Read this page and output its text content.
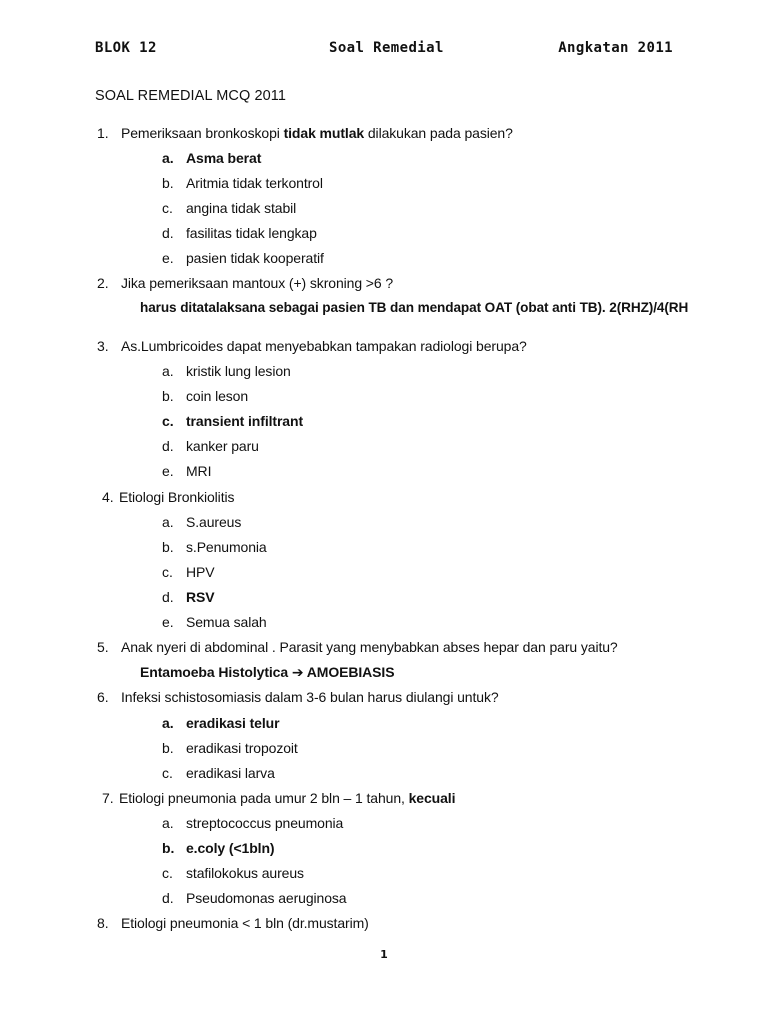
BLOK 12	Soal Remedial	Angkatan 2011
SOAL REMEDIAL MCQ 2011
1. Pemeriksaan bronkoskopi tidak mutlak dilakukan pada pasien?
a. Asma berat
b. Aritmia tidak terkontrol
c. angina tidak stabil
d. fasilitas tidak lengkap
e. pasien tidak kooperatif
2. Jika pemeriksaan mantoux (+) skroning >6 ?
harus ditatalaksana sebagai pasien TB dan mendapat OAT (obat anti TB). 2(RHZ)/4(RH
3. As.Lumbricoides dapat menyebabkan tampakan radiologi berupa?
a. kristik lung lesion
b. coin leson
c. transient infiltrant
d. kanker paru
e. MRI
4. Etiologi Bronkiolitis
a. S.aureus
b. s.Penumonia
c. HPV
d. RSV
e. Semua salah
5. Anak nyeri di abdominal . Parasit yang menybabkan abses hepar dan paru yaitu?
Entamoeba Histolytica ➔ AMOEBIASIS
6. Infeksi schistosomiasis dalam 3-6 bulan harus diulangi untuk?
a. eradikasi telur
b. eradikasi tropozoit
c. eradikasi larva
7. Etiologi pneumonia pada umur 2 bln – 1 tahun, kecuali
a. streptococcus pneumonia
b. e.coly (<1bln)
c. stafilokokus aureus
d. Pseudomonas aeruginosa
8. Etiologi pneumonia < 1 bln (dr.mustarim)
1
